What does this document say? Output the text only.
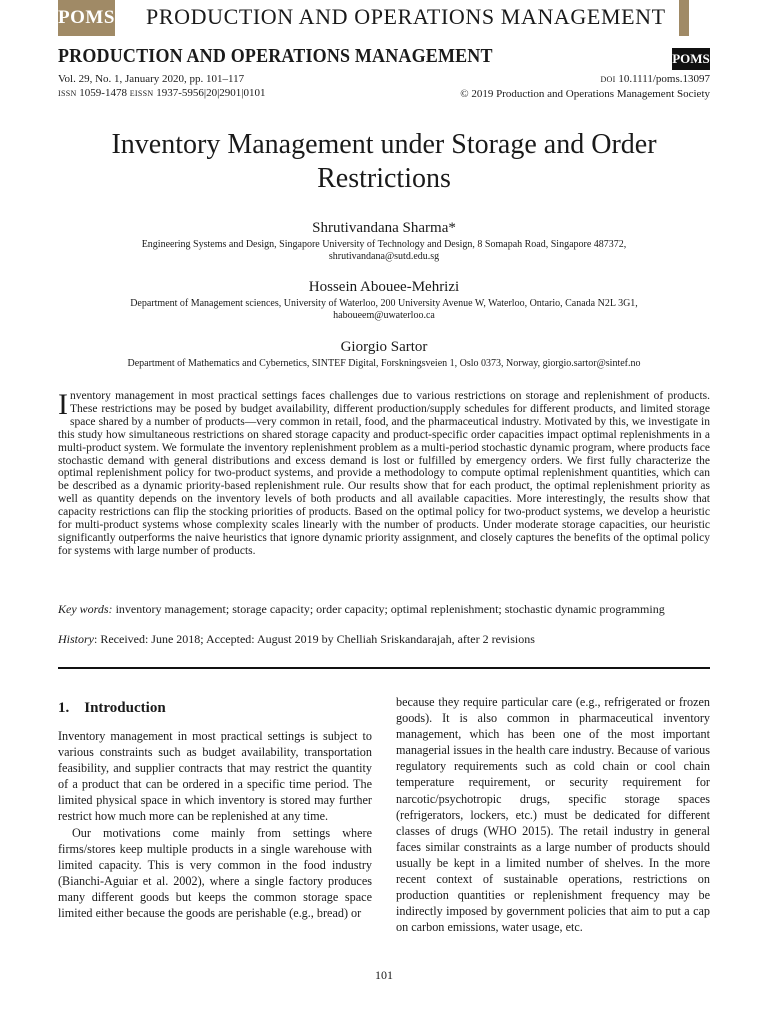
POMS PRODUCTION AND OPERATIONS MANAGEMENT
PRODUCTION AND OPERATIONS MANAGEMENT	POMS
Vol. 29, No. 1, January 2020, pp. 101–117
ISSN 1059-1478 EISSN 1937-5956|20|2901|0101
DOI 10.1111/poms.13097
© 2019 Production and Operations Management Society
Inventory Management under Storage and Order
Restrictions
Shrutivandana Sharma*
Engineering Systems and Design, Singapore University of Technology and Design, 8 Somapah Road, Singapore 487372,
shrutivandana@sutd.edu.sg
Hossein Abouee-Mehrizi
Department of Management sciences, University of Waterloo, 200 University Avenue W, Waterloo, Ontario, Canada N2L 3G1,
haboueem@uwaterloo.ca
Giorgio Sartor
Department of Mathematics and Cybernetics, SINTEF Digital, Forskningsveien 1, Oslo 0373, Norway, giorgio.sartor@sintef.no
I nventory management in most practical settings faces challenges due to various restrictions on storage and replenishment of products. These restrictions may be posed by budget availability, different production/supply schedules for different products, and limited storage space shared by a number of products—very common in retail, food, and the pharmaceutical industry. Motivated by this, we investigate in this study how simultaneous restrictions on shared storage capacity and product-specific order capacities impact optimal replenishments in a multi-product system. We formulate the inventory replenishment problem as a multi-period stochastic dynamic program, where products face stochastic demand with general distributions and excess demand is lost or fulfilled by emergency orders. We first fully characterize the optimal replenishment policy for two-product systems, and provide a methodology to compute optimal replenishment quantities, which can be described as a dynamic priority-based replenishment rule. Our results show that for each product, the optimal replenishment priority as well as quantity depends on the inventory levels of both products and all available capacities. More interestingly, the results show that capacity restrictions can flip the stocking priorities of products. Based on the optimal policy for two-product systems, we develop a heuristic for multi-product systems whose complexity scales linearly with the number of products. Under moderate storage capacities, our heuristic significantly outperforms the naive heuristics that ignore dynamic priority assignment, and closely captures the benefits of the optimal policy for systems with large number of products.
Key words: inventory management; storage capacity; order capacity; optimal replenishment; stochastic dynamic programming
History: Received: June 2018; Accepted: August 2019 by Chelliah Sriskandarajah, after 2 revisions
1. Introduction

Inventory management in most practical settings is subject to various constraints such as budget availability, transportation feasibility, and supplier contracts that may restrict the quantity of a product that can be ordered in a specific time period. The limited physical space in which inventory is stored may further restrict how much more can be replenished at any time.

Our motivations come mainly from settings where firms/stores keep multiple products in a single warehouse with limited capacity. This is very common in the food industry (Bianchi-Aguiar et al. 2002), where a single factory produces many different goods but keeps the common storage space limited either because the goods are perishable (e.g., bread) or

because they require particular care (e.g., refrigerated or frozen goods). It is also common in pharmaceutical inventory management, which has been one of the most important managerial issues in the health care industry. Because of various regulatory requirements such as cold chain or cool chain temperature requirement, or security requirement for narcotic/psychotropic drugs, specific storage spaces (refrigerators, lockers, etc.) must be dedicated for different classes of drugs (WHO 2015). The retail industry in general faces similar constraints as a large number of products should usually be kept in a limited number of shelves. In the more recent context of sustainable operations, restrictions on production quantities or replenishment frequency may be indirectly imposed by government policies that aim to put a cap on carbon emissions, water usage, etc.

101
